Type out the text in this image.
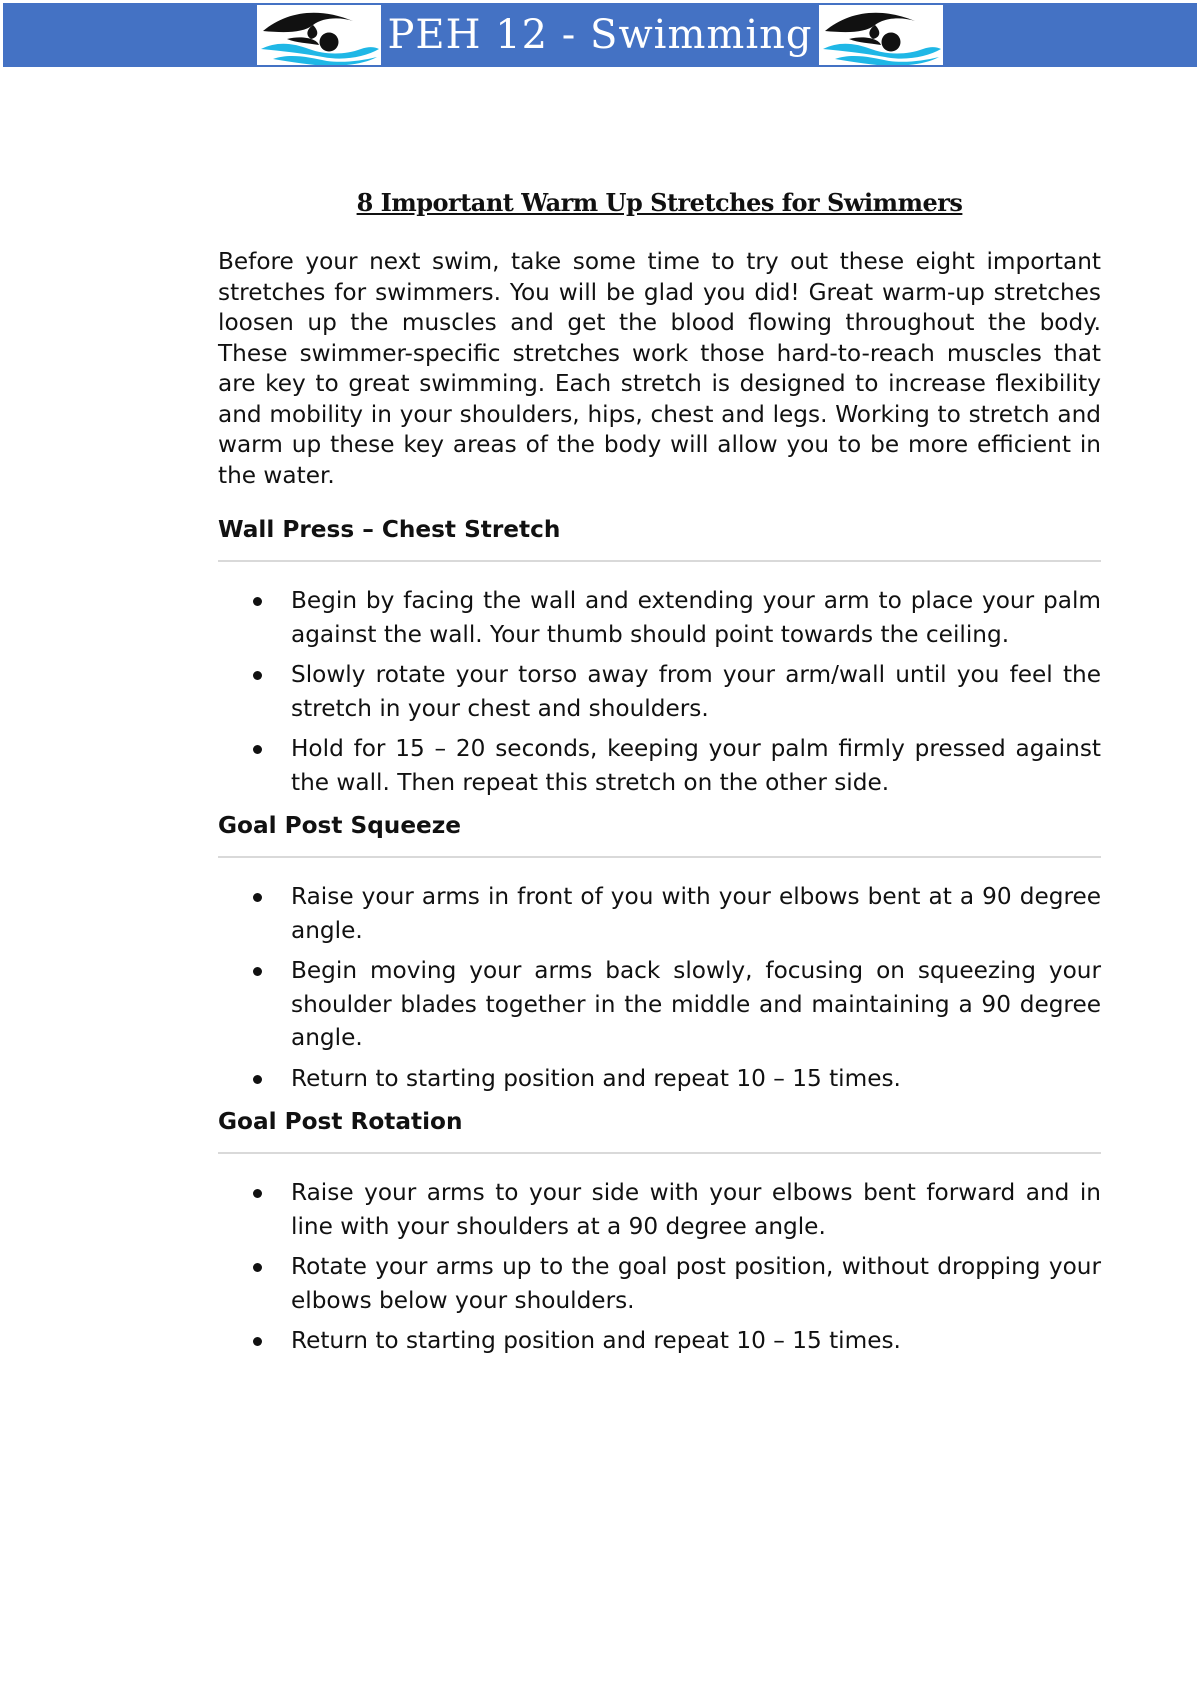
PEH 12 - Swimming
8 Important Warm Up Stretches for Swimmers

Before your next swim, take some time to try out these eight important stretches for swimmers. You will be glad you did! Great warm-up stretches loosen up the muscles and get the blood flowing throughout the body. These swimmer-specific stretches work those hard-to-reach muscles that are key to great swimming. Each stretch is designed to increase flexibility and mobility in your shoulders, hips, chest and legs. Working to stretch and warm up these key areas of the body will allow you to be more efficient in the water.

Wall Press – Chest Stretch
Begin by facing the wall and extending your arm to place your palm against the wall. Your thumb should point towards the ceiling.
Slowly rotate your torso away from your arm/wall until you feel the stretch in your chest and shoulders.
Hold for 15 – 20 seconds, keeping your palm firmly pressed against the wall. Then repeat this stretch on the other side.
Goal Post Squeeze
Raise your arms in front of you with your elbows bent at a 90 degree angle.
Begin moving your arms back slowly, focusing on squeezing your shoulder blades together in the middle and maintaining a 90 degree angle.
Return to starting position and repeat 10 – 15 times.
Goal Post Rotation
Raise your arms to your side with your elbows bent forward and in line with your shoulders at a 90 degree angle.
Rotate your arms up to the goal post position, without dropping your elbows below your shoulders.
Return to starting position and repeat 10 – 15 times.
